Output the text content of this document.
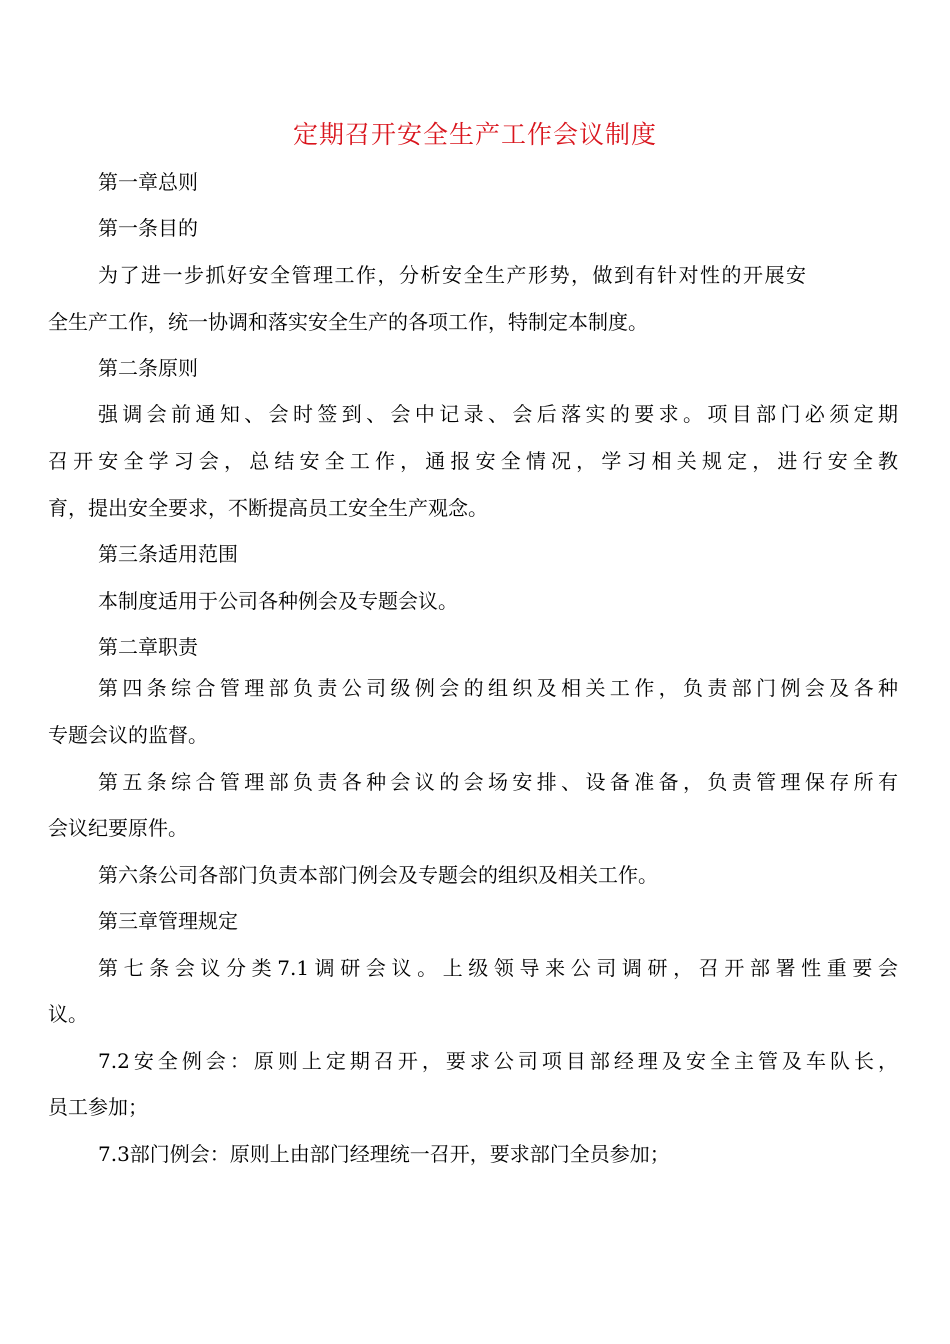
定期召开安全生产工作会议制度
第一章总则
第一条目的
为了进一步抓好安全管理工作，分析安全生产形势，做到有针对性的开展安
全生产工作，统一协调和落实安全生产的各项工作，特制定本制度。
第二条原则
强调会前通知、会时签到、会中记录、会后落实的要求。项目部门必须定期
召开安全学习会，总结安全工作，通报安全情况，学习相关规定，进行安全教
育，提出安全要求，不断提高员工安全生产观念。
第三条适用范围
本制度适用于公司各种例会及专题会议。
第二章职责
第四条综合管理部负责公司级例会的组织及相关工作，负责部门例会及各种
专题会议的监督。
第五条综合管理部负责各种会议的会场安排、设备准备，负责管理保存所有
会议纪要原件。
第六条公司各部门负责本部门例会及专题会的组织及相关工作。
第三章管理规定
第七条会议分类7.1调研会议。上级领导来公司调研，召开部署性重要会
议。
7.2安全例会：原则上定期召开，要求公司项目部经理及安全主管及车队长，
员工参加；
7.3部门例会：原则上由部门经理统一召开，要求部门全员参加；
